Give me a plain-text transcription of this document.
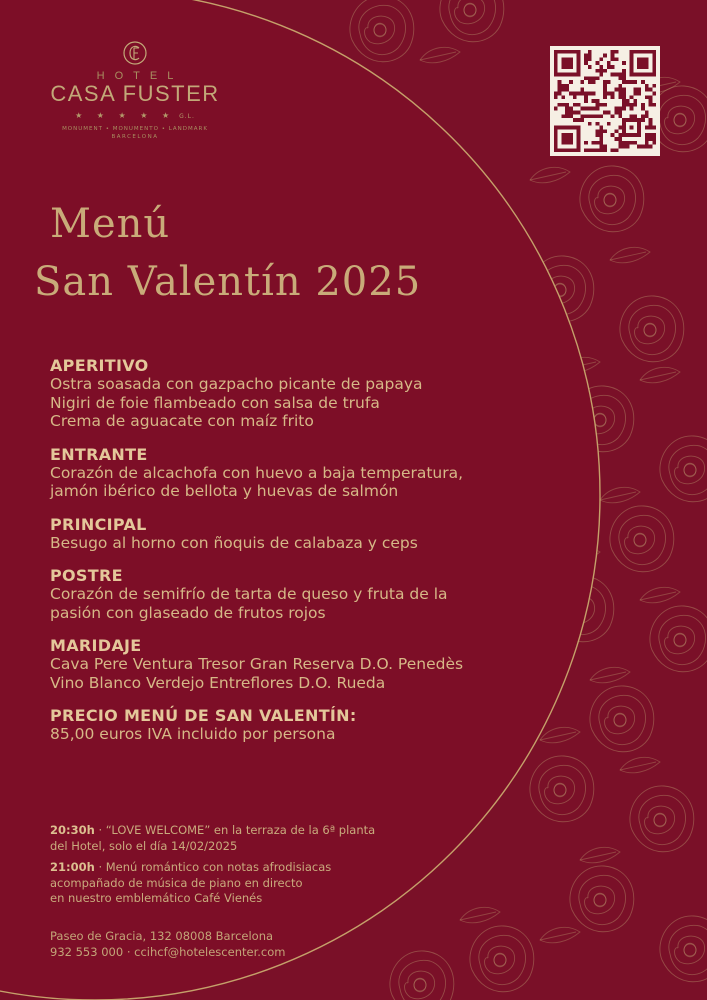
HOTEL
CASA FUSTER
★ ★ ★ ★ ★ G.L.
MONUMENT • MONUMENTO • LANDMARK
BARCELONA
Menú
San Valentín 2025
APERITIVO
Ostra soasada con gazpacho picante de papaya
Nigiri de foie flambeado con salsa de trufa
Crema de aguacate con maíz frito
ENTRANTE
Corazón de alcachofa con huevo a baja temperatura,
jamón ibérico de bellota y huevas de salmón
PRINCIPAL
Besugo al horno con ñoquis de calabaza y ceps
POSTRE
Corazón de semifrío de tarta de queso y fruta de la
pasión con glaseado de frutos rojos
MARIDAJE
Cava Pere Ventura Tresor Gran Reserva D.O. Penedès
Vino Blanco Verdejo Entreflores D.O. Rueda
PRECIO MENÚ DE SAN VALENTÍN:
85,00 euros IVA incluido por persona
20:30h · “LOVE WELCOME” en la terraza de la 6ª planta
del Hotel, solo el día 14/02/2025
21:00h · Menú romántico con notas afrodisiacas
acompañado de música de piano en directo
en nuestro emblemático Café Vienés
Paseo de Gracia, 132 08008 Barcelona
932 553 000 · ccihcf@hotelescenter.com
